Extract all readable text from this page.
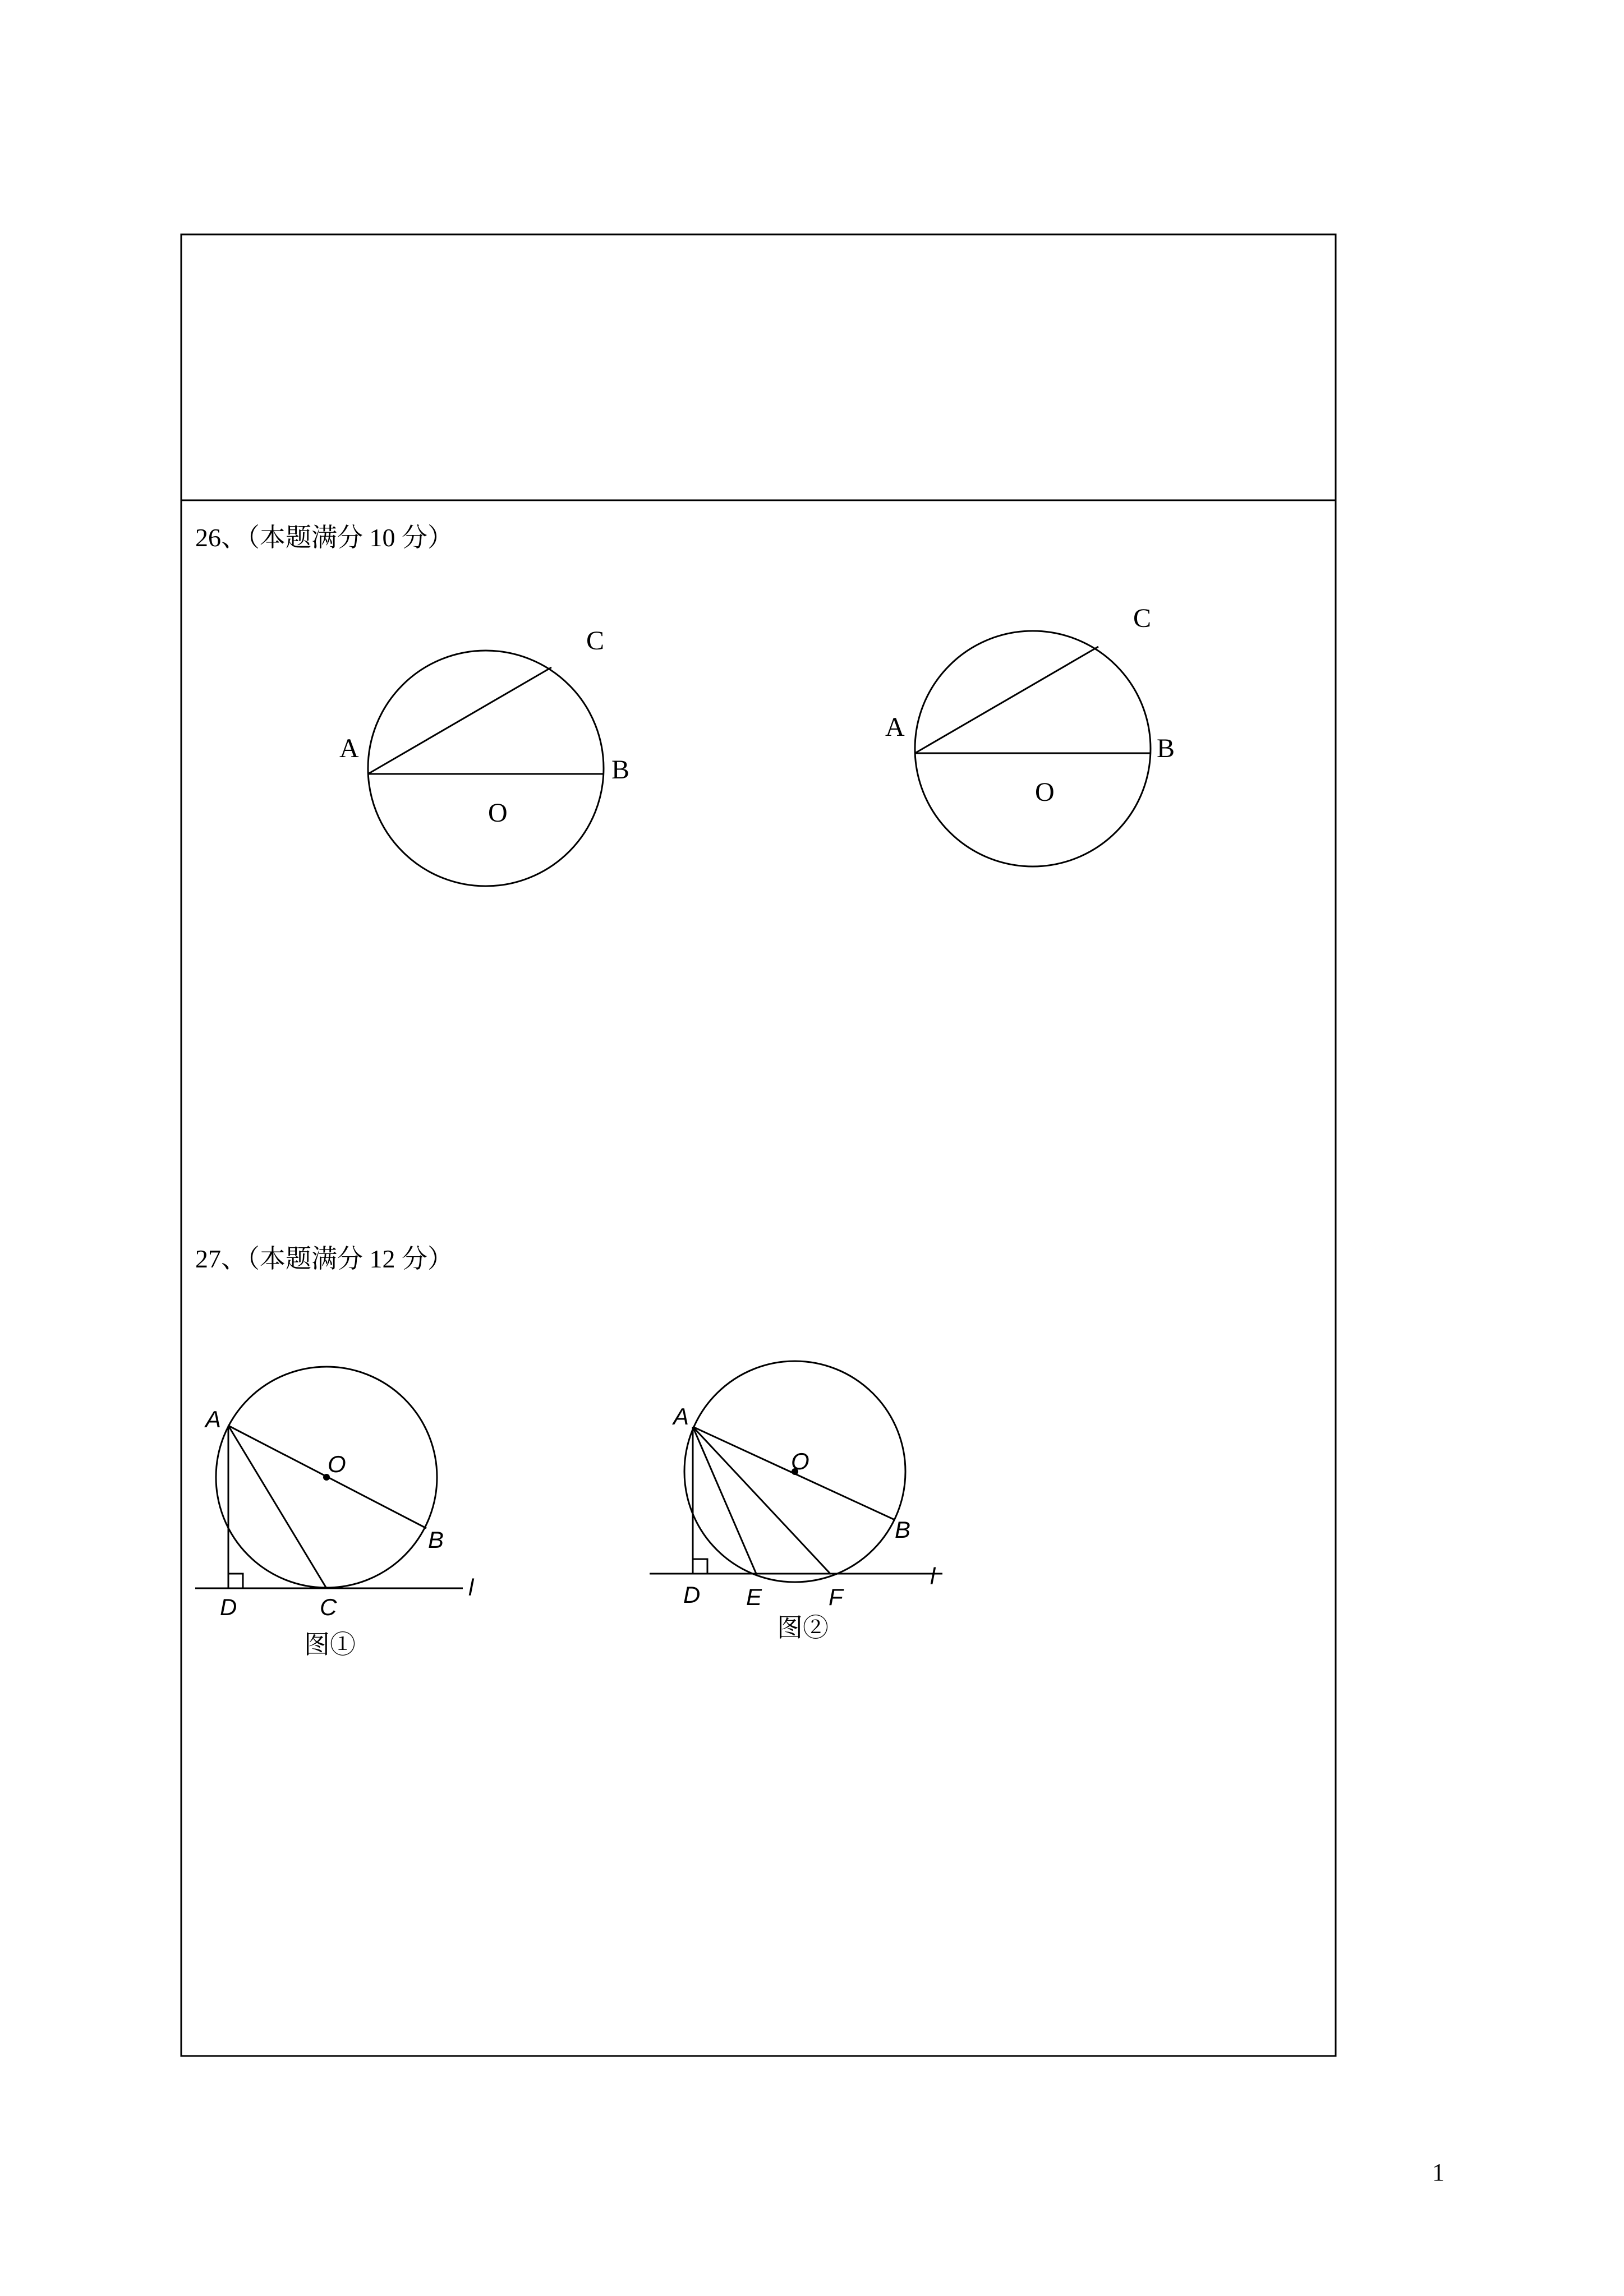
A
B
C
O
A
B
C
O
A
O
B
D	C
l
A
O
B
D E	F
l
26、（本题满分 10 分）
27、（本题满分 12 分）
图①
图②
1
